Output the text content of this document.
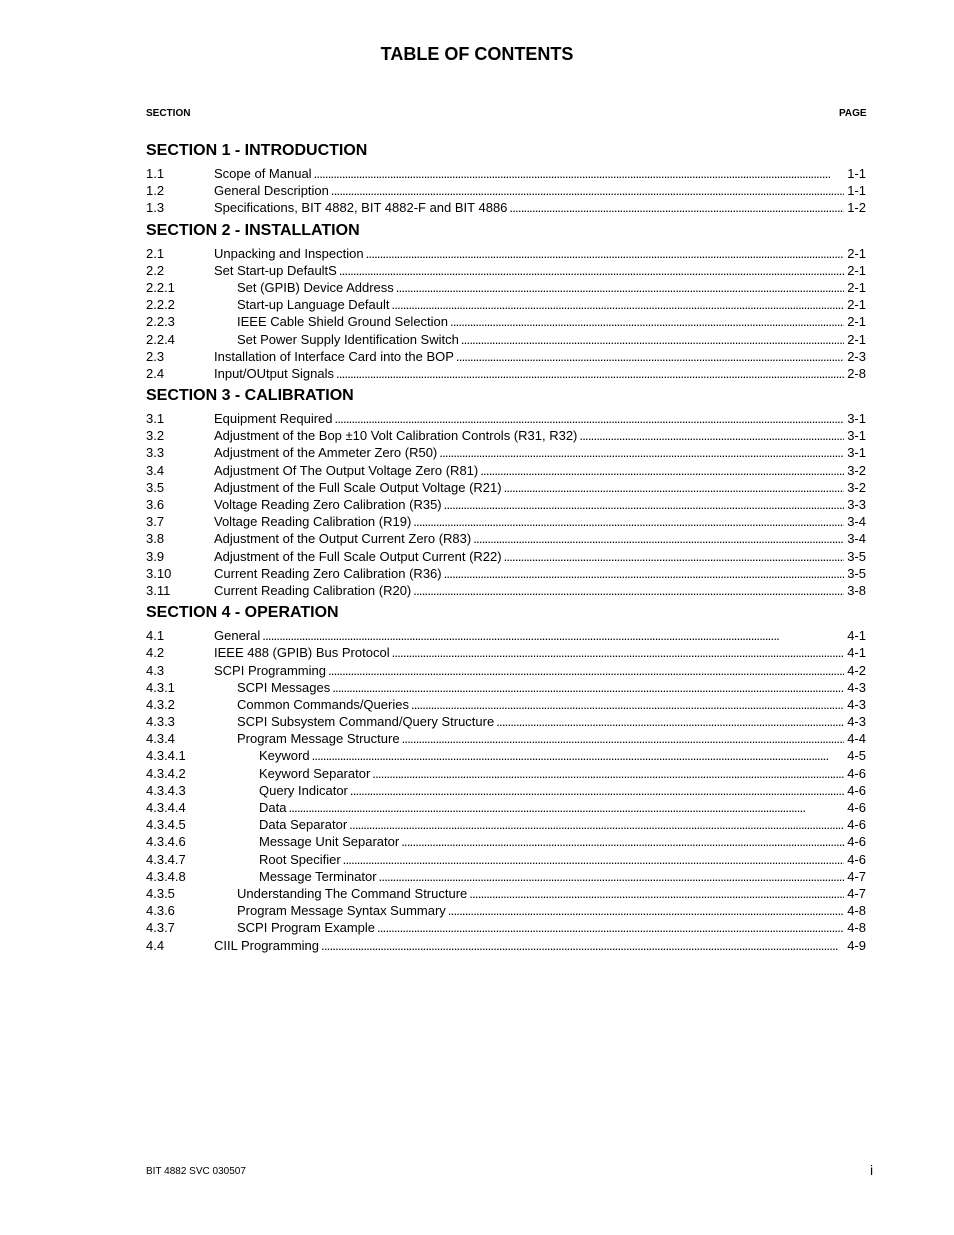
TABLE OF CONTENTS
SECTION	PAGE
SECTION 1 - INTRODUCTION
1.1	Scope of Manual . . .	1-1
1.2	General Description . . .	1-1
1.3	Specifications, BIT 4882, BIT 4882-F and BIT 4886 . . .	1-2
SECTION 2 - INSTALLATION
2.1	Unpacking and Inspection . . .	2-1
2.2	Set Start-up DefaultS . . .	2-1
2.2.1	Set (GPIB) Device Address . . .	2-1
2.2.2	Start-up Language Default . . .	2-1
2.2.3	IEEE Cable Shield Ground Selection . . .	2-1
2.2.4	Set Power Supply Identification Switch . . .	2-1
2.3	Installation of Interface Card into the BOP . . .	2-3
2.4	Input/OUtput Signals . . .	2-8
SECTION 3 - CALIBRATION
3.1	Equipment Required . . .	3-1
3.2	Adjustment of the Bop ±10 Volt Calibration Controls (R31, R32) . . .	3-1
3.3	Adjustment of the Ammeter Zero (R50) . . .	3-1
3.4	Adjustment Of The Output Voltage Zero (R81) . . .	3-2
3.5	Adjustment of the Full Scale Output Voltage (R21) . . .	3-2
3.6	Voltage Reading Zero Calibration (R35) . . .	3-3
3.7	Voltage Reading Calibration (R19) . . .	3-4
3.8	Adjustment of the Output Current Zero (R83) . . .	3-4
3.9	Adjustment of the Full Scale Output Current (R22) . . .	3-5
3.10	Current Reading Zero Calibration (R36) . . .	3-5
3.11	Current Reading Calibration (R20) . . .	3-8
SECTION 4 - OPERATION
4.1	General . . .	4-1
4.2	IEEE 488 (GPIB) Bus Protocol . . .	4-1
4.3	SCPI Programming . . .	4-2
4.3.1	SCPI Messages . . .	4-3
4.3.2	Common Commands/Queries . . .	4-3
4.3.3	SCPI Subsystem Command/Query Structure . . .	4-3
4.3.4	Program Message Structure . . .	4-4
4.3.4.1	Keyword . . .	4-5
4.3.4.2	Keyword Separator . . .	4-6
4.3.4.3	Query Indicator . . .	4-6
4.3.4.4	Data . . .	4-6
4.3.4.5	Data Separator . . .	4-6
4.3.4.6	Message Unit Separator . . .	4-6
4.3.4.7	Root Specifier . . .	4-6
4.3.4.8	Message Terminator . . .	4-7
4.3.5	Understanding The Command Structure . . .	4-7
4.3.6	Program Message Syntax Summary . . .	4-8
4.3.7	SCPI Program Example . . .	4-8
4.4	CIIL Programming . . .	4-9
BIT 4882 SVC 030507	i
